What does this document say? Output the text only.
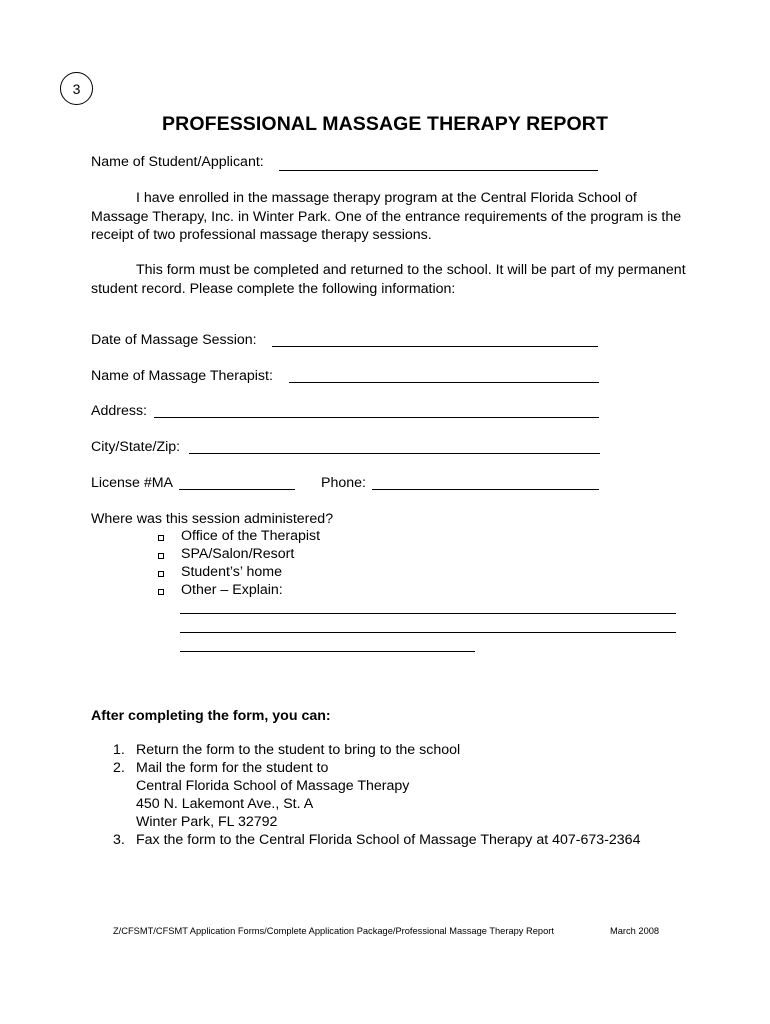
3
PROFESSIONAL MASSAGE THERAPY REPORT
Name of Student/Applicant:
I have enrolled in the massage therapy program at the Central Florida School of Massage Therapy, Inc. in Winter Park. One of the entrance requirements of the program is the receipt of two professional massage therapy sessions.
This form must be completed and returned to the school. It will be part of my permanent student record. Please complete the following information:
Date of Massage Session:
Name of Massage Therapist:
Address:
City/State/Zip:
License #MA	Phone:
Where was this session administered?
Office of the Therapist
SPA/Salon/Resort
Student’s’ home
Other – Explain:
After completing the form, you can:
1. Return the form to the student to bring to the school
2. Mail the form for the student to
Central Florida School of Massage Therapy
450 N. Lakemont Ave., St. A
Winter Park, FL 32792
3. Fax the form to the Central Florida School of Massage Therapy at 407-673-2364
Z/CFSMT/CFSMT Application Forms/Complete Application Package/Professional Massage Therapy Report	March 2008
